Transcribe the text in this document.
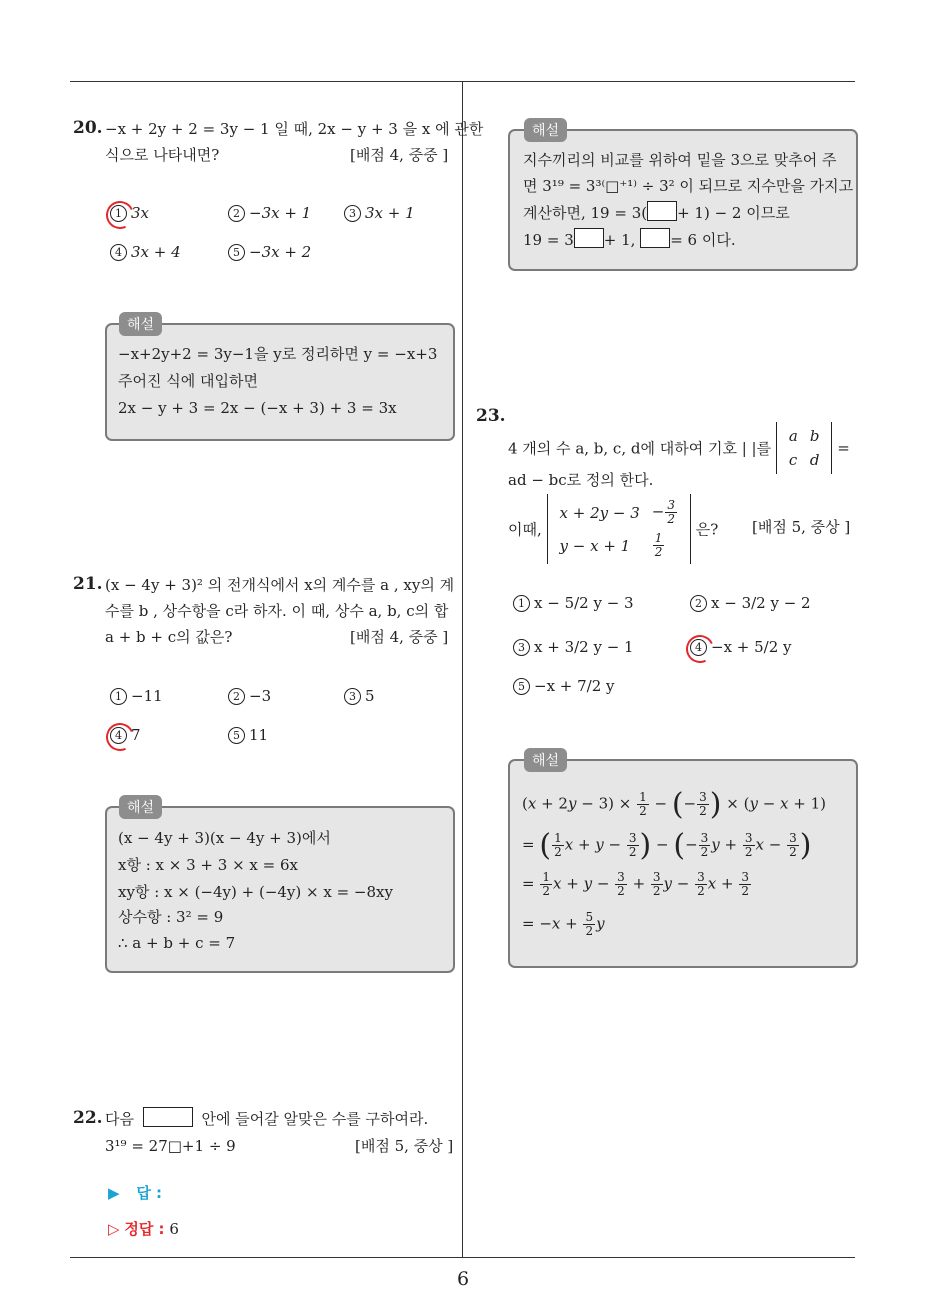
20. −x + 2y + 2 = 3y − 1 일 때, 2x − y + 3 을 x 에 관한
식으로 나타내면?	[배점 4, 중중 ]
1 3x	2 −3x + 1	3 3x + 1
4 3x + 4	5 −3x + 2
−x+2y+2 = 3y−1을 y로 정리하면 y = −x+3
주어진 식에 대입하면
2x − y + 3 = 2x − (−x + 3) + 3 = 3x
해설
21. (x − 4y + 3)² 의 전개식에서 x의 계수를 a , xy의 계
수를 b , 상수항을 c라 하자. 이 때, 상수 a, b, c의 합
a + b + c의 값은?	[배점 4, 중중 ]
1 −11	2 −3	3 5
4 7	5 11
(x − 4y + 3)(x − 4y + 3)에서
x항 : x × 3 + 3 × x = 6x
xy항 : x × (−4y) + (−4y) × x = −8xy
상수항 : 3² = 9
∴ a + b + c = 7
해설
22. 다음	안에 들어갈 알맞은 수를 구하여라.
3¹⁹ = 27□+1 ÷ 9	[배점 5, 중상 ]
▶ 답 :
▷ 정답 : 6
지수끼리의 비교를 위하여 밑을 3으로 맞추어 주
면 3¹⁹ = 3³⁽□⁺¹⁾ ÷ 3² 이 되므로 지수만을 가지고
계산하면, 19 = 3( + 1) − 2 이므로
19 = 3 + 1, = 6 이다.
해설
23.
4 개의 수 a, b, c, d에 대하여 기호 | |를
a	b
c	d
=
ad − bc로 정의 한다.
이때,
x + 2y − 3	− $\frac{3}{2}$

y − x + 1	$\frac{1}{2}$
은? [배점 5, 중상 ]
1 x − 5/2 y − 3	2 x − 3/2 y − 2
3 x + 3/2 y − 1	4 −x + 5/2 y
5 −x + 7/2 y
$(x + 2y - 3) \times \frac{1}{2}$ − (− $\frac{3}{2}$ ) × (y − x + 1)
= ( $\frac{1}{2}$ $x + y - \frac{3}{2}$ ) − (− $\frac{3}{2}$ $y + \frac{3}{2}$ $x - \frac{3}{2}$ )
= $\frac{1}{2}$ $x + y - \frac{3}{2} + \frac{3}{2}$ $y - \frac{3}{2}$ $x + \frac{3}{2}$
= $-x + \frac{5}{2}$ y
해설
6
